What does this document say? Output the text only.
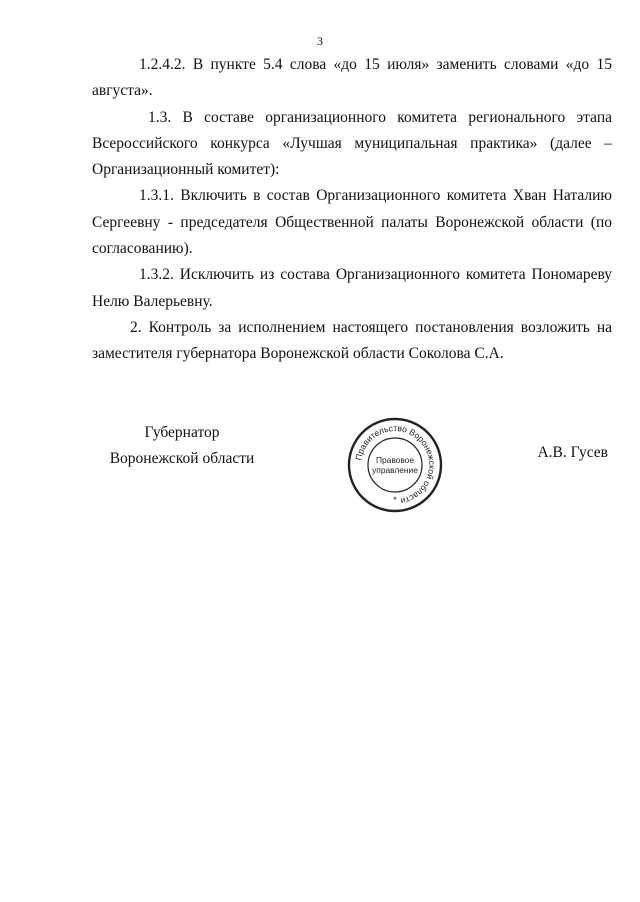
3

1.2.4.2. В пункте 5.4 слова «до 15 июля» заменить словами «до 15 августа».

1.3. В составе организационного комитета регионального этапа Всероссийского конкурса «Лучшая муниципальная практика» (далее – Организационный комитет):

1.3.1. Включить в состав Организационного комитета Хван Наталию Сергеевну - председателя Общественной палаты Воронежской области (по согласованию).

1.3.2. Исключить из состава Организационного комитета Пономареву Нелю Валерьевну.

2. Контроль за исполнением настоящего постановления возложить на заместителя губернатора Воронежской области Соколова С.А.

Губернатор
Воронежской области	Правительство Воронежской области
Правовое
управление
*
А.В. Гусев
